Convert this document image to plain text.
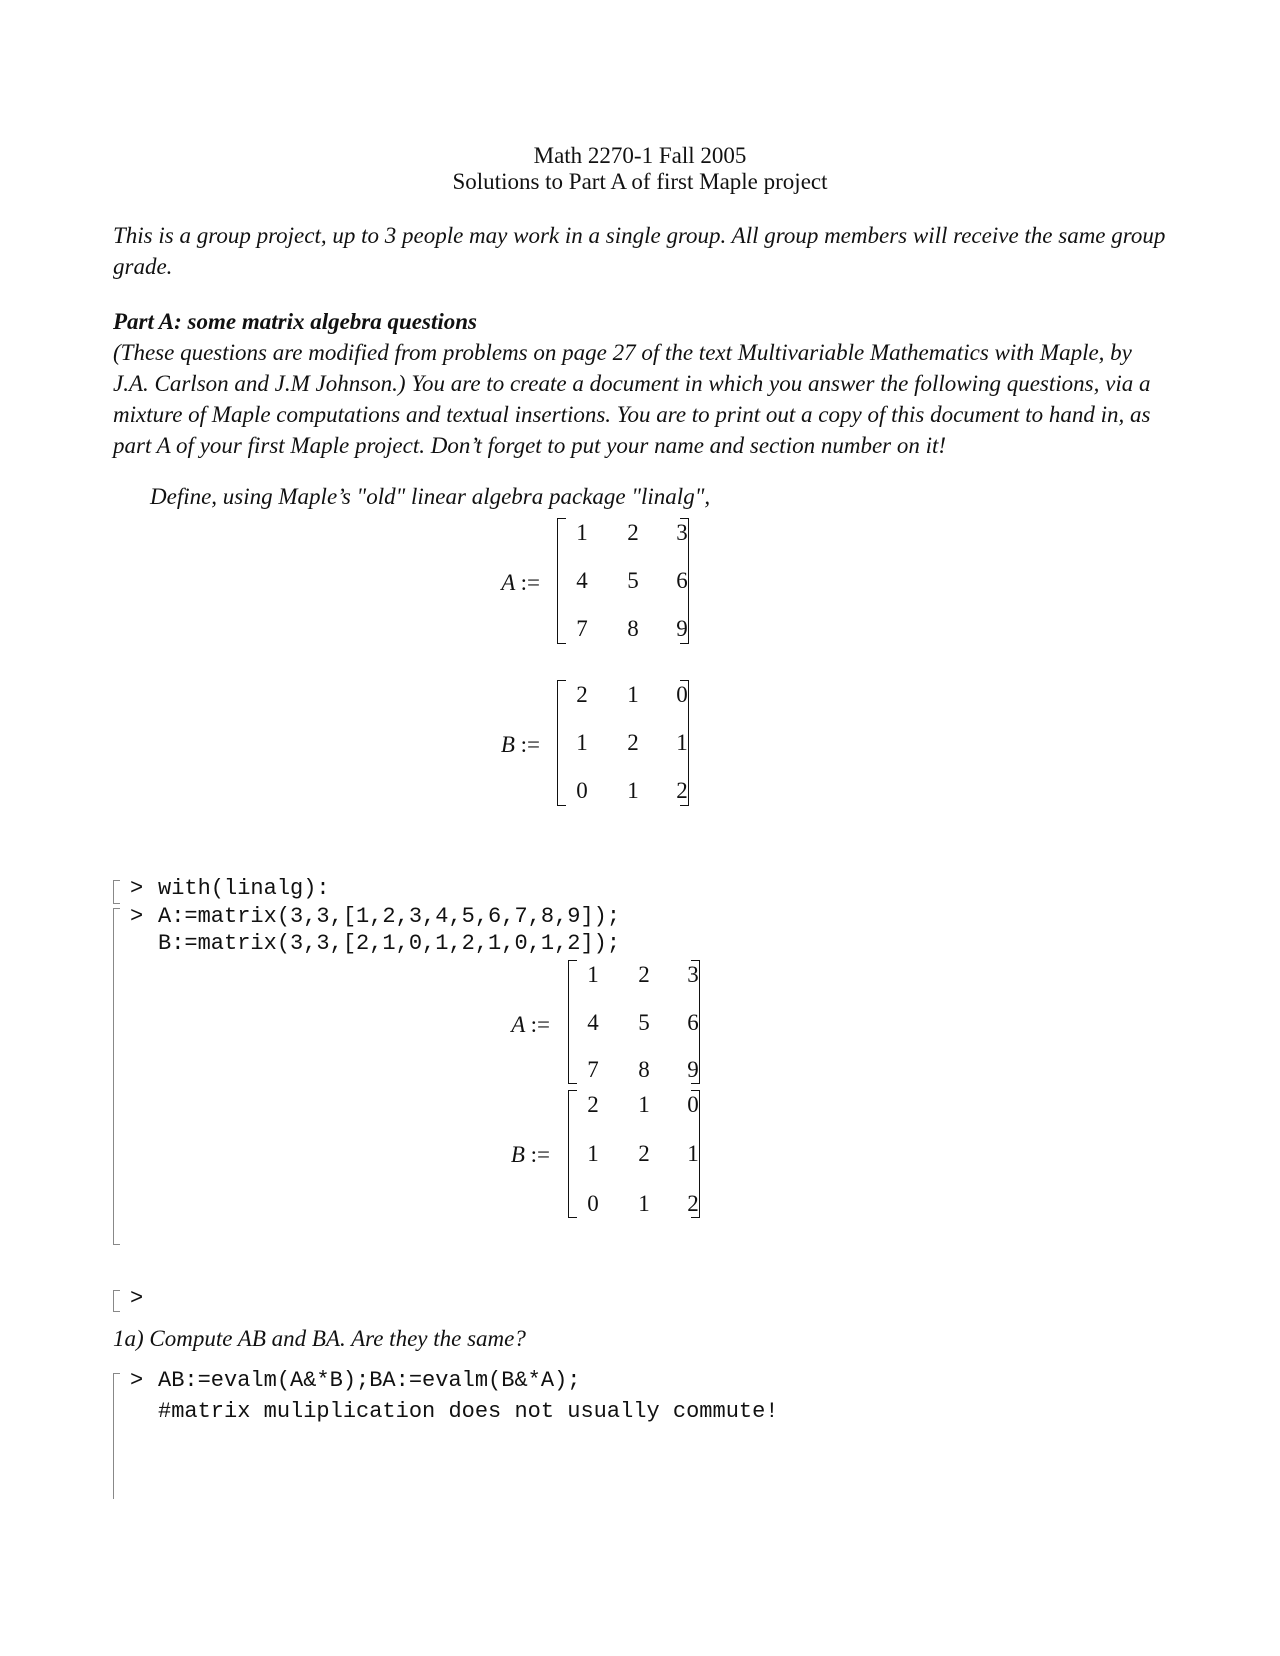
Math 2270-1 Fall 2005
Solutions to Part A of first Maple project
This is a group project, up to 3 people may work in a single group. All group members will receive the same group grade.
Part A: some matrix algebra questions
(These questions are modified from problems on page 27 of the text Multivariable Mathematics with Maple, by J.A. Carlson and J.M Johnson.) You are to create a document in which you answer the following questions, via a mixture of Maple computations and textual insertions. You are to print out a copy of this document to hand in, as part A of your first Maple project. Don’t forget to put your name and section number on it!
Define, using Maple’s "old" linear algebra package "linalg",
A :=
1	2	3
4	5	6
7	8	9
B :=
2	1	0
1	2	1
0	1	2
> with(linalg):
> A:=matrix(3,3,[1,2,3,4,5,6,7,8,9]);
B:=matrix(3,3,[2,1,0,1,2,1,0,1,2]);
A :=
1	2	3
4	5	6
7	8	9
B :=
2	1	0
1	2	1
0	1	2
>
1a) Compute AB and BA. Are they the same?
> AB:=evalm(A&*B);BA:=evalm(B&*A);
#matrix muliplication does not usually commute!
